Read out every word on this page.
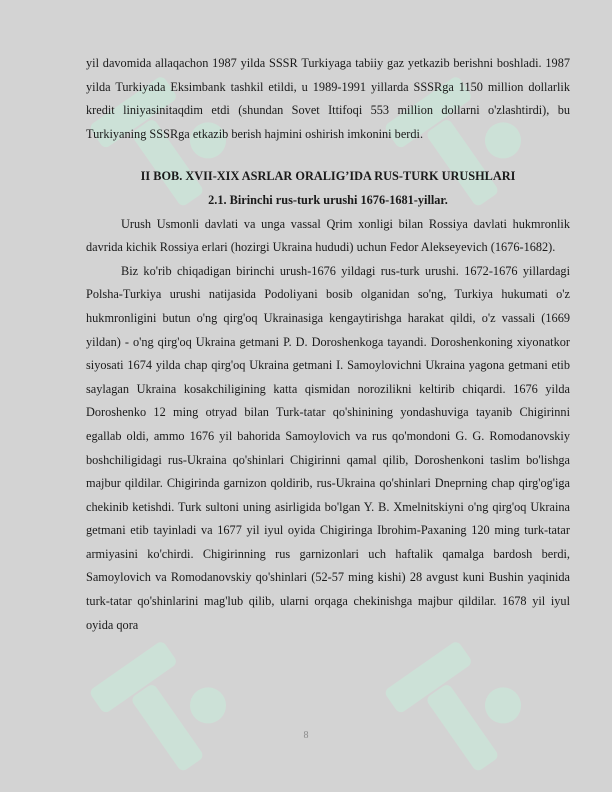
yil davomida allaqachon 1987 yilda SSSR Turkiyaga tabiiy gaz yetkazib berishni boshladi. 1987 yilda Turkiyada Eksimbank tashkil etildi, u 1989-1991 yillarda SSSRga 1150 million dollarlik kredit liniyasinitaqdim etdi (shundan Sovet Ittifoqi 553 million dollarni o'zlashtirdi), bu Turkiyaning SSSRga etkazib berish hajmini oshirish imkonini berdi.

II BOB. XVII-XIX ASRLAR ORALIG’IDA RUS-TURK URUSHLARI

2.1. Birinchi rus-turk urushi 1676-1681-yillar.

Urush Usmonli davlati va unga vassal Qrim xonligi bilan Rossiya davlati hukmronlik davrida kichik Rossiya erlari (hozirgi Ukraina hududi) uchun Fedor Alekseyevich (1676-1682).

Biz ko'rib chiqadigan birinchi urush-1676 yildagi rus-turk urushi. 1672-1676 yillardagi Polsha-Turkiya urushi natijasida Podoliyani bosib olganidan so'ng, Turkiya hukumati o'z hukmronligini butun o'ng qirg'oq Ukrainasiga kengaytirishga harakat qildi, o'z vassali (1669 yildan) - o'ng qirg'oq Ukraina getmani P. D. Doroshenkoga tayandi. Doroshenkoning xiyonatkor siyosati 1674 yilda chap qirg'oq Ukraina getmani I. Samoylovichni Ukraina yagona getmani etib saylagan Ukraina kosakchiligining katta qismidan norozilikni keltirib chiqardi. 1676 yilda Doroshenko 12 ming otryad bilan Turk-tatar qo'shinining yondashuviga tayanib Chigirinni egallab oldi, ammo 1676 yil bahorida Samoylovich va rus qo'mondoni G. G. Romodanovskiy boshchiligidagi rus-Ukraina qo'shinlari Chigirinni qamal qilib, Doroshenkoni taslim bo'lishga majbur qildilar. Chigirinda garnizon qoldirib, rus-Ukraina qo'shinlari Dneprning chap qirg'og'iga chekinib ketishdi. Turk sultoni uning asirligida bo'lgan Y. B. Xmelnitskiyni o'ng qirg'oq Ukraina getmani etib tayinladi va 1677 yil iyul oyida Chigiringa Ibrohim-Paxaning 120 ming turk-tatar armiyasini ko'chirdi. Chigirinning rus garnizonlari uch haftalik qamalga bardosh berdi, Samoylovich va Romodanovskiy qo'shinlari (52-57 ming kishi) 28 avgust kuni Bushin yaqinida turk-tatar qo'shinlarini mag'lub qilib, ularni orqaga chekinishga majbur qildilar. 1678 yil iyul oyida qora

8
